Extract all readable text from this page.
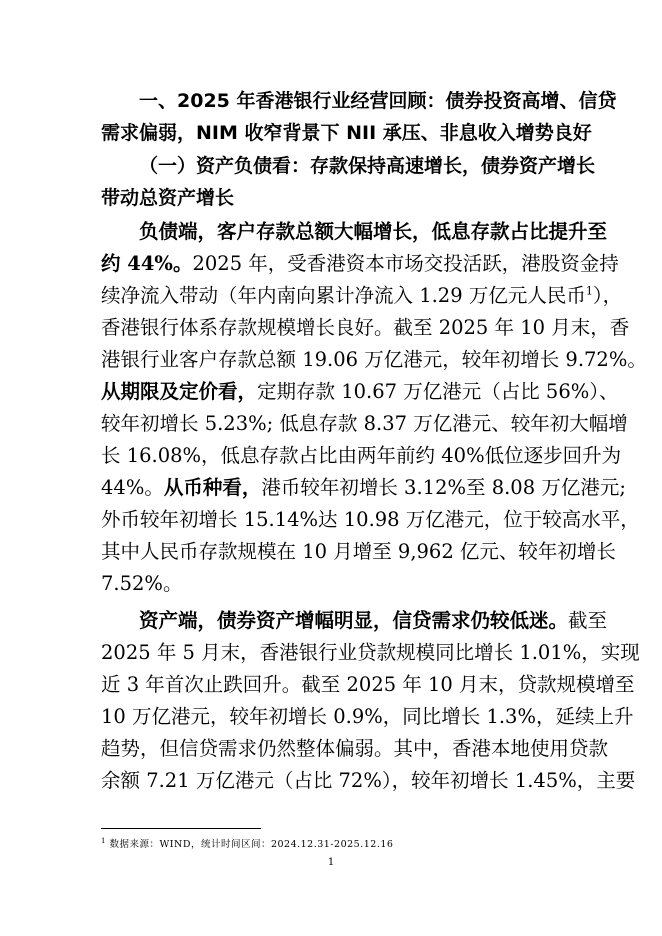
一、2025 年香港银行业经营回顾：债券投资高增、信贷
需求偏弱，NIM 收窄背景下 NII 承压、非息收入增势良好
（一）资产负债看：存款保持高速增长，债券资产增长
带动总资产增长
负债端，客户存款总额大幅增长，低息存款占比提升至
约 44%。2025 年，受香港资本市场交投活跃，港股资金持
续净流入带动（年内南向累计净流入 1.29 万亿元人民币$^1$），
香港银行体系存款规模增长良好。截至 2025 年 10 月末，香
港银行业客户存款总额 19.06 万亿港元，较年初增长 9.72%。
从期限及定价看，定期存款 10.67 万亿港元（占比 56%）、
较年初增长 5.23%; 低息存款 8.37 万亿港元、较年初大幅增
长 16.08%，低息存款占比由两年前约 40%低位逐步回升为
44%。从币种看，港币较年初增长 3.12%至 8.08 万亿港元;
外币较年初增长 15.14%达 10.98 万亿港元，位于较高水平，
其中人民币存款规模在 10 月增至 9,962 亿元、较年初增长
7.52%。
资产端，债券资产增幅明显，信贷需求仍较低迷。截至
2025 年 5 月末，香港银行业贷款规模同比增长 1.01%，实现
近 3 年首次止跌回升。截至 2025 年 10 月末，贷款规模增至
10 万亿港元，较年初增长 0.9%，同比增长 1.3%，延续上升
趋势，但信贷需求仍然整体偏弱。其中，香港本地使用贷款
余额 7.21 万亿港元（占比 72%），较年初增长 1.45%，主要
$^1$ 数据来源：WIND，统计时间区间：2024.12.31-2025.12.16
1
